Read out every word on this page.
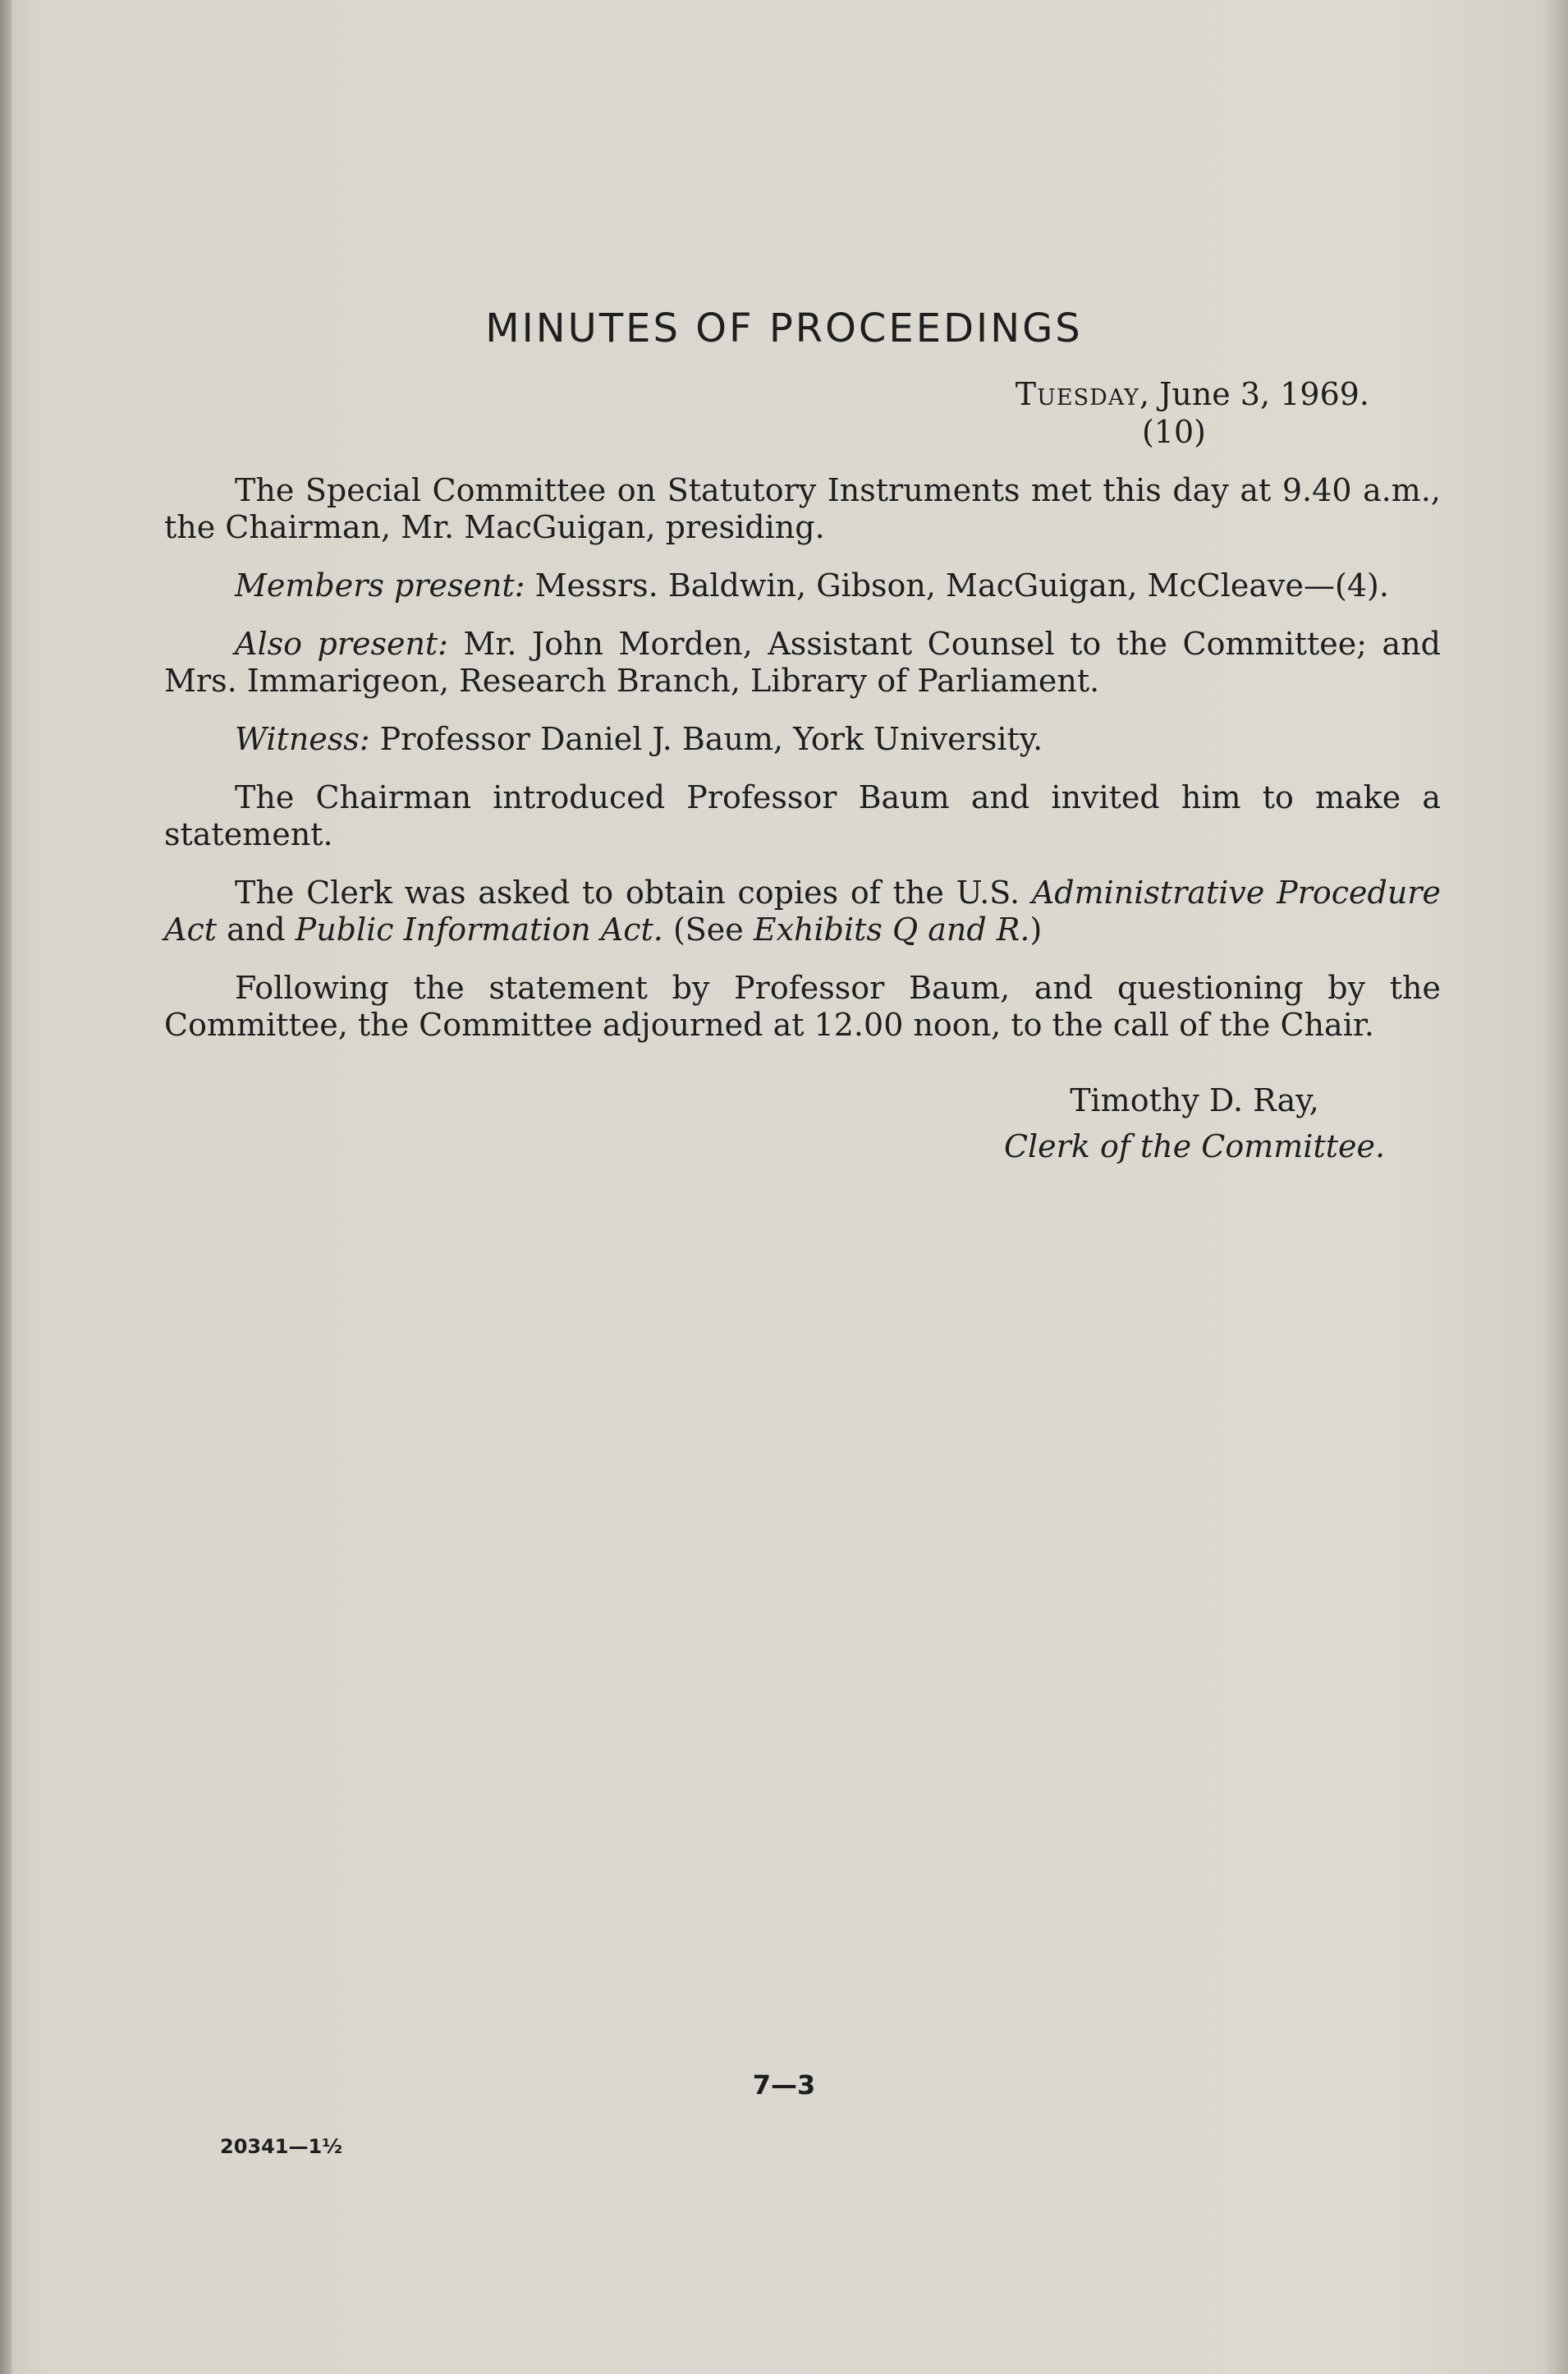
MINUTES OF PROCEEDINGS
Tuesday, June 3, 1969.
(10)

The Special Committee on Statutory Instruments met this day at 9.40 a.m., the Chairman, Mr. MacGuigan, presiding.

Members present: Messrs. Baldwin, Gibson, MacGuigan, McCleave—(4).

Also present: Mr. John Morden, Assistant Counsel to the Committee; and Mrs. Immarigeon, Research Branch, Library of Parliament.

Witness: Professor Daniel J. Baum, York University.

The Chairman introduced Professor Baum and invited him to make a statement.

The Clerk was asked to obtain copies of the U.S. Administrative Procedure Act and Public Information Act. (See Exhibits Q and R.)

Following the statement by Professor Baum, and questioning by the Committee, the Committee adjourned at 12.00 noon, to the call of the Chair.

Timothy D. Ray,
Clerk of the Committee.
7—3
20341—1½
